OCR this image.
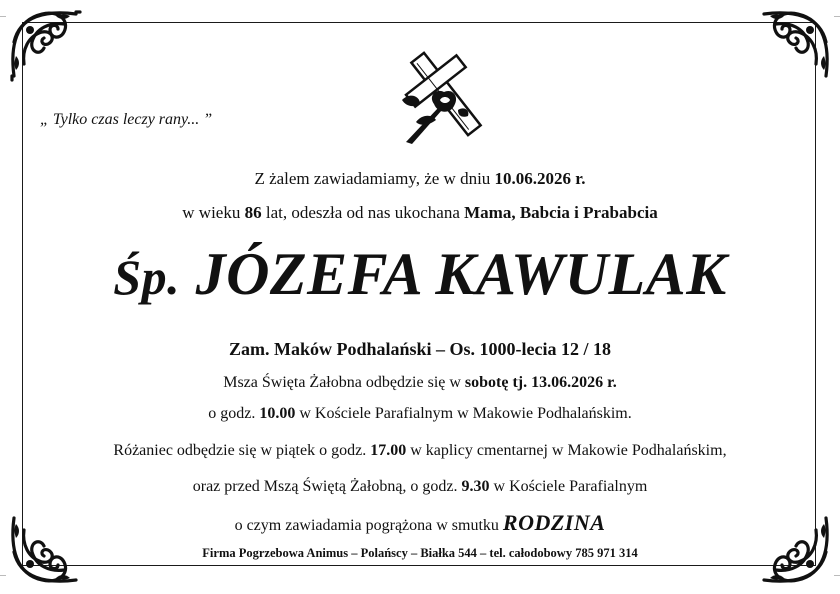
„ Tylko czas leczy rany... ”
Z żalem zawiadamiamy, że w dniu 10.06.2026 r.
w wieku 86 lat, odeszła od nas ukochana Mama, Babcia i Prababcia
Śp. JÓZEFA KAWULAK
Zam. Maków Podhalański – Os. 1000-lecia 12 / 18
Msza Święta Żałobna odbędzie się w sobotę tj. 13.06.2026 r.
o godz. 10.00 w Kościele Parafialnym w Makowie Podhalańskim.
Różaniec odbędzie się w piątek o godz. 17.00 w kaplicy cmentarnej w Makowie Podhalańskim,
oraz przed Mszą Świętą Żałobną, o godz. 9.30 w Kościele Parafialnym
o czym zawiadamia pogrążona w smutku RODZINA
Firma Pogrzebowa Animus – Polańscy – Białka 544 – tel. całodobowy 785 971 314
